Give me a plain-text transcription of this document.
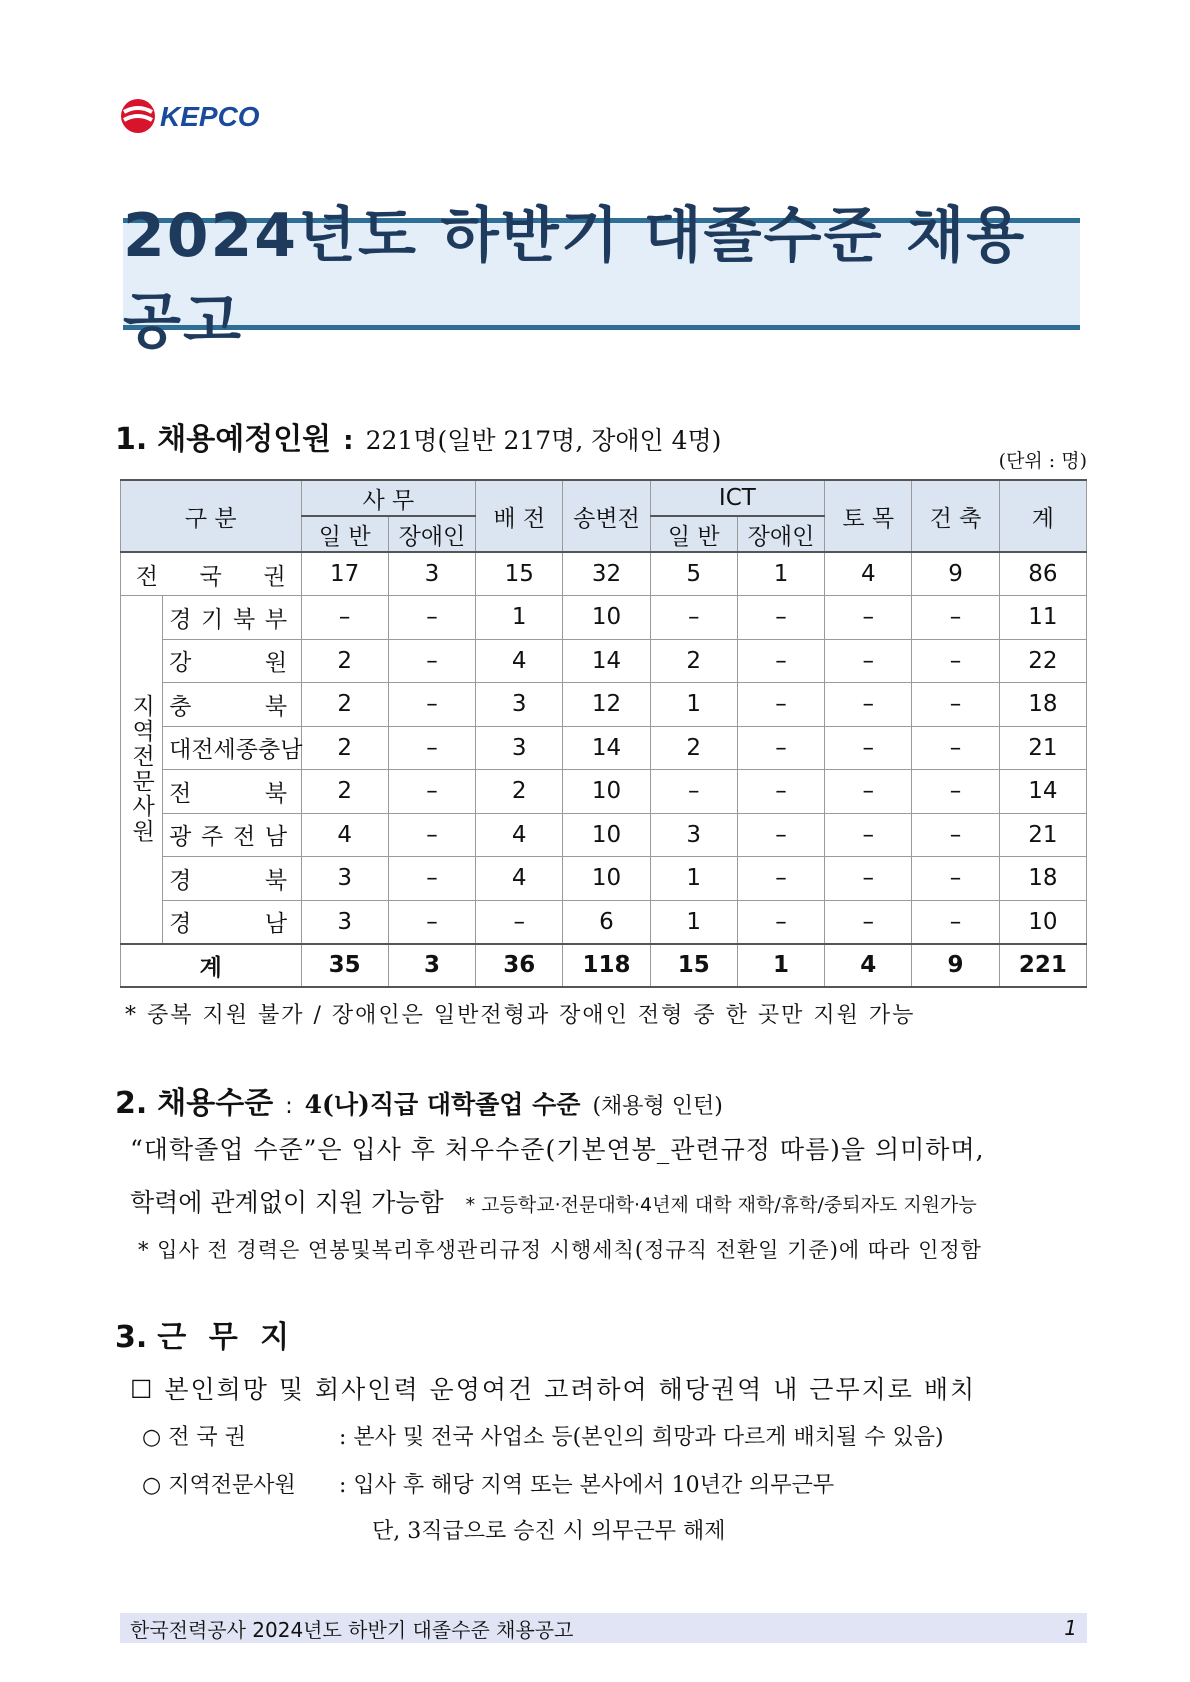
KEPCO
2024년도 하반기 대졸수준 채용공고
1. 채용예정인원 : 221명(일반 217명, 장애인 4명)
(단위 : 명)
구 분		사 무		배 전	송변전	ICT		토 목	건 축	계
		일 반	장애인			일 반	장애인			
전 국 권		17	3	15	32	5	1	4	9	86
지역전문사원	경 기 북 부	–	–	1	10	–	–	–	–	11
	강 원	2	–	4	14	2	–	–	–	22
	충 북	2	–	3	12	1	–	–	–	18
	대전세종충남	2	–	3	14	2	–	–	–	21
	전 북	2	–	2	10	–	–	–	–	14
	광 주 전 남	4	–	4	10	3	–	–	–	21
	경 북	3	–	4	10	1	–	–	–	18
	경 남	3	–	–	6	1	–	–	–	10
계		35	3	36	118	15	1	4	9	221
* 중복 지원 불가 / 장애인은 일반전형과 장애인 전형 중 한 곳만 지원 가능
2. 채용수준 : 4(나)직급 대학졸업 수준 (채용형 인턴)
“대학졸업 수준”은 입사 후 처우수준(기본연봉_관련규정 따름)을 의미하며,
학력에 관계없이 지원 가능함 * 고등학교·전문대학·4년제 대학 재학/휴학/중퇴자도 지원가능
* 입사 전 경력은 연봉및복리후생관리규정 시행세칙(정규직 전환일 기준)에 따라 인정함
3. 근 무 지
☐ 본인희망 및 회사인력 운영여건 고려하여 해당권역 내 근무지로 배치
○ 전 국 권	: 본사 및 전국 사업소 등(본인의 희망과 다르게 배치될 수 있음)
○ 지역전문사원 : 입사 후 해당 지역 또는 본사에서 10년간 의무근무
단, 3직급으로 승진 시 의무근무 해제
한국전력공사 2024년도 하반기 대졸수준 채용공고	1
